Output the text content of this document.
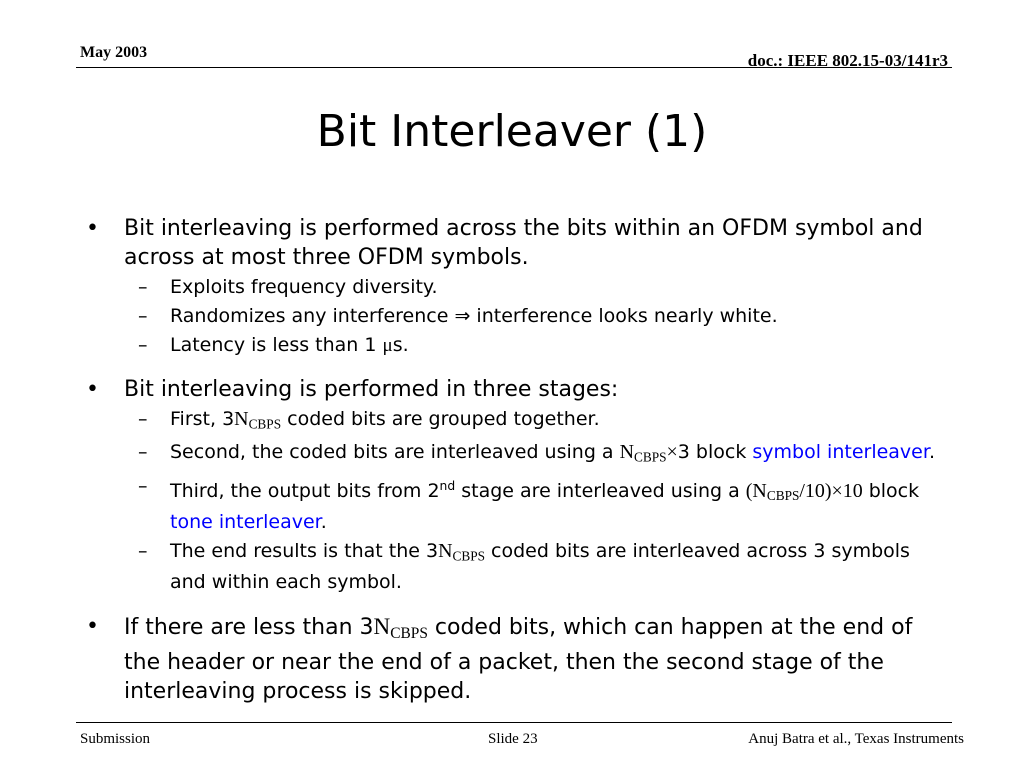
May 2003	doc.: IEEE 802.15-03/141r3
Bit Interleaver (1)
• Bit interleaving is performed across the bits within an OFDM symbol and across at most three OFDM symbols.
– Exploits frequency diversity.
– Randomizes any interference ⇒ interference looks nearly white.
– Latency is less than 1 μs.
• Bit interleaving is performed in three stages:
– First, $3N_{CBPS}$ coded bits are grouped together.
– Second, the coded bits are interleaved using a $N_{CBPS}\times 3$ block symbol interleaver.
– Third, the output bits from 2nd stage are interleaved using a $(N_{CBPS}/10)\times 10$ block tone interleaver.
– The end results is that the $3N_{CBPS}$ coded bits are interleaved across 3 symbols and within each symbol.
• If there are less than $3N_{CBPS}$ coded bits, which can happen at the end of the header or near the end of a packet, then the second stage of the interleaving process is skipped.
Submission	Slide 23	Anuj Batra et al., Texas Instruments
